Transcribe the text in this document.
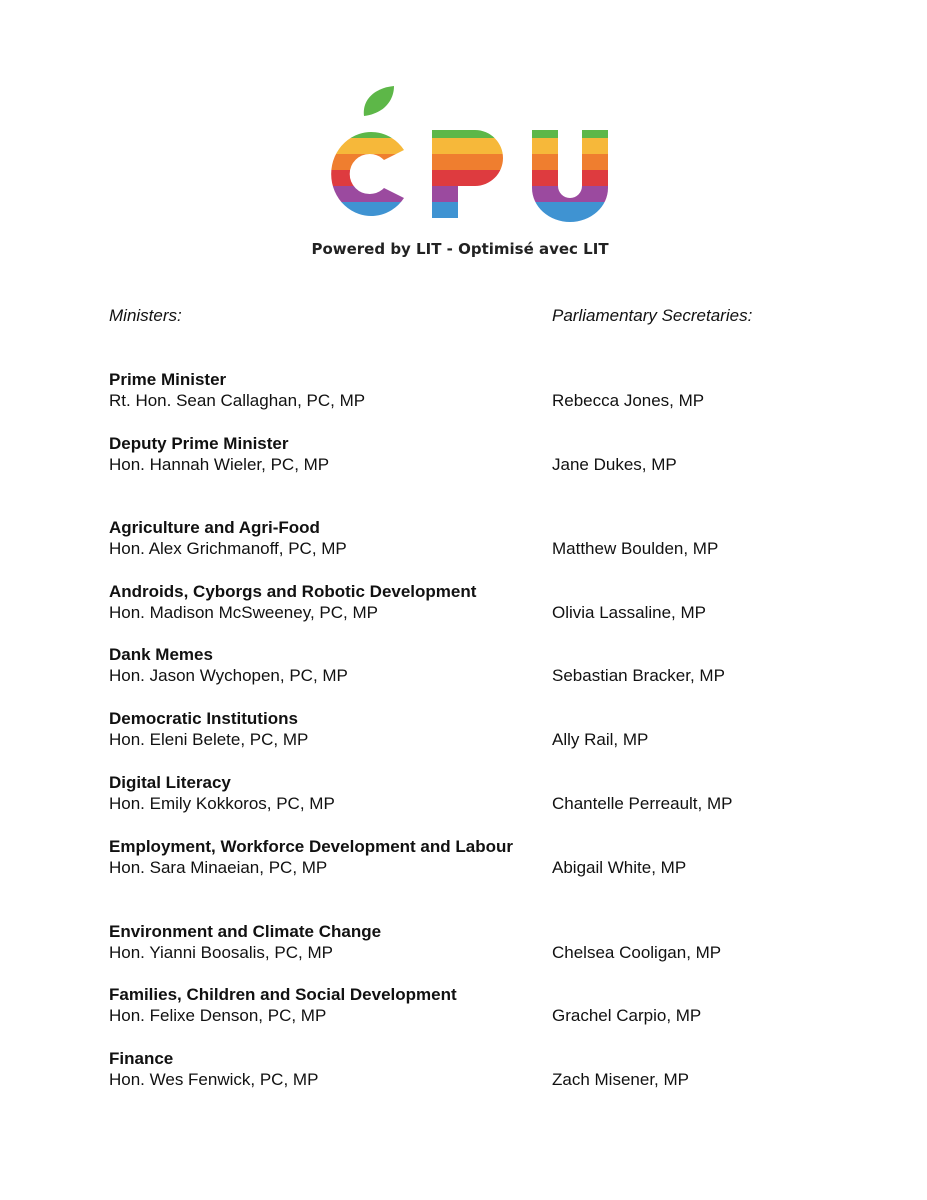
Powered by LIT - Optimisé avec LIT
Ministers:	Parliamentary Secretaries:
Prime Minister
Rt. Hon. Sean Callaghan, PC, MP	Rebecca Jones, MP
Deputy Prime Minister
Hon. Hannah Wieler, PC, MP	Jane Dukes, MP
Agriculture and Agri-Food
Hon. Alex Grichmanoff, PC, MP	Matthew Boulden, MP
Androids, Cyborgs and Robotic Development
Hon. Madison McSweeney, PC, MP	Olivia Lassaline, MP
Dank Memes
Hon. Jason Wychopen, PC, MP	Sebastian Bracker, MP
Democratic Institutions
Hon. Eleni Belete, PC, MP	Ally Rail, MP
Digital Literacy
Hon. Emily Kokkoros, PC, MP	Chantelle Perreault, MP
Employment, Workforce Development and Labour
Hon. Sara Minaeian, PC, MP	Abigail White, MP
Environment and Climate Change
Hon. Yianni Boosalis, PC, MP	Chelsea Cooligan, MP
Families, Children and Social Development
Hon. Felixe Denson, PC, MP	Grachel Carpio, MP
Finance
Hon. Wes Fenwick, PC, MP	Zach Misener, MP
